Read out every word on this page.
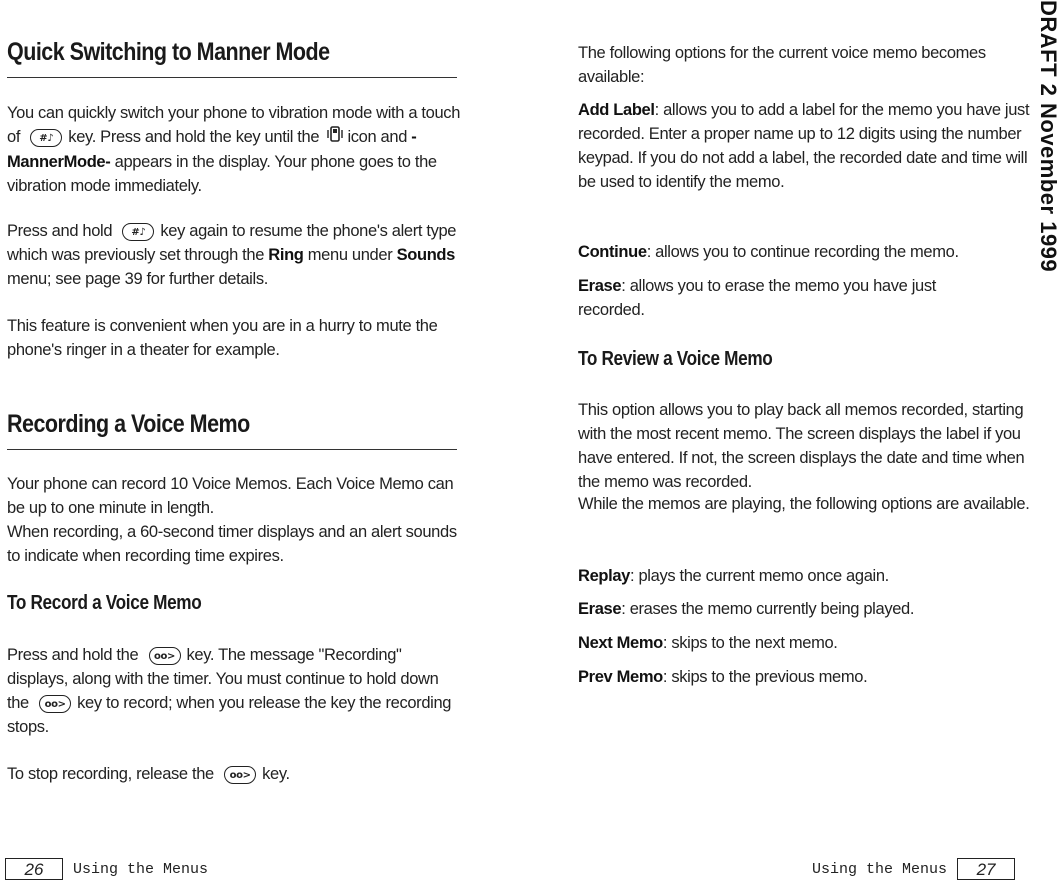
Quick Switching to Manner Mode
You can quickly switch your phone to vibration mode with a touch of #♪ key. Press and hold the key until the icon and -MannerMode- appears in the display. Your phone goes to the vibration mode immediately.
Press and hold #♪ key again to resume the phone's alert type which was previously set through the Ring menu under Sounds menu; see page 39 for further details.
This feature is convenient when you are in a hurry to mute the phone's ringer in a theater for example.
Recording a Voice Memo
Your phone can record 10 Voice Memos. Each Voice Memo can be up to one minute in length.
When recording, a 60-second timer displays and an alert sounds to indicate when recording time expires.
To Record a Voice Memo
Press and hold the oo> key. The message "Recording" displays, along with the timer. You must continue to hold down the oo> key to record; when you release the key the recording stops.
To stop recording, release the oo> key.
26	Using the Menus
The following options for the current voice memo becomes available:
Add Label: allows you to add a label for the memo you have just recorded. Enter a proper name up to 12 digits using the number keypad. If you do not add a label, the recorded date and time will be used to identify the memo.
Continue: allows you to continue recording the memo.
Erase: allows you to erase the memo you have just recorded.
To Review a Voice Memo
This option allows you to play back all memos recorded, starting with the most recent memo. The screen displays the label if you have entered. If not, the screen displays the date and time when the memo was recorded.
While the memos are playing, the following options are available.
Replay: plays the current memo once again.
Erase: erases the memo currently being played.
Next Memo: skips to the next memo.
Prev Memo: skips to the previous memo.
Using the Menus	27
DRAFT 2 November 1999
